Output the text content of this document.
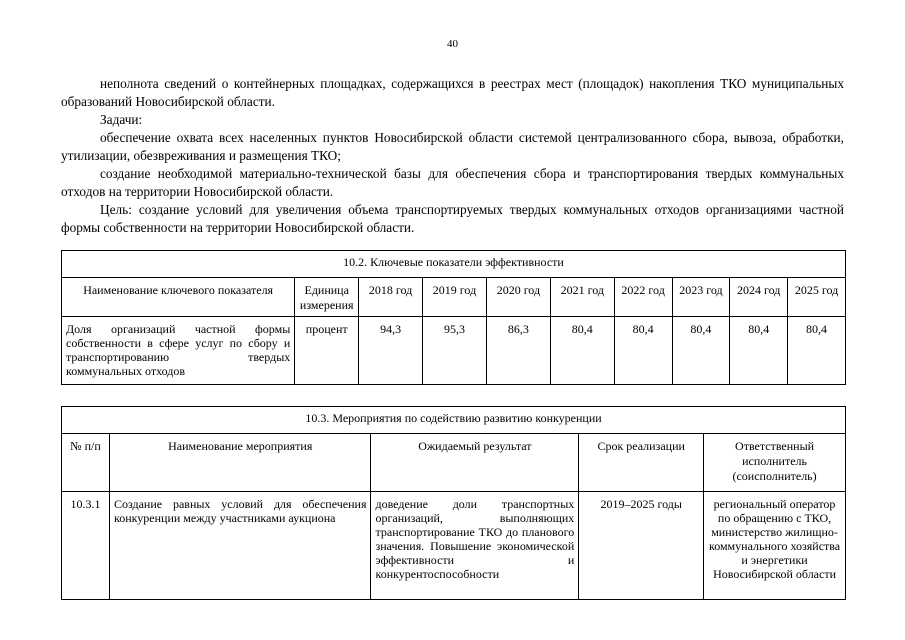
40

неполнота сведений о контейнерных площадках, содержащихся в реестрах мест (площадок) накопления ТКО муниципальных образований Новосибирской области.

Задачи:

обеспечение охвата всех населенных пунктов Новосибирской области системой централизованного сбора, вывоза, обработки, утилизации, обезвреживания и размещения ТКО;

создание необходимой материально-технической базы для обеспечения сбора и транспортирования твердых коммунальных отходов на территории Новосибирской области.

Цель: создание условий для увеличения объема транспортируемых твердых коммунальных отходов организациями частной формы собственности на территории Новосибирской области.

10.2. Ключевые показатели эффективности									
Наименование ключевого показателя	Единица измерения	2018 год	2019 год	2020 год	2021 год	2022 год	2023 год	2024 год	2025 год
Доля организаций частной формы собственности в сфере услуг по сбору и транспортированию твердых коммунальных отходов	процент	94,3	95,3	86,3	80,4	80,4	80,4	80,4	80,4
10.3. Мероприятия по содействию развитию конкуренции				
№ п/п	Наименование мероприятия	Ожидаемый результат	Срок реализации	Ответственный исполнитель (соисполнитель)
10.3.1	Создание равных условий для обеспечения конкуренции между участниками аукциона	доведение доли транспортных организаций, выполняющих транспортирование ТКО до планового значения. Повышение экономической эффективности и конкурентоспособности	2019–2025 годы	региональный оператор по обращению с ТКО, министерство жилищно-коммунального хозяйства и энергетики Новосибирской области
